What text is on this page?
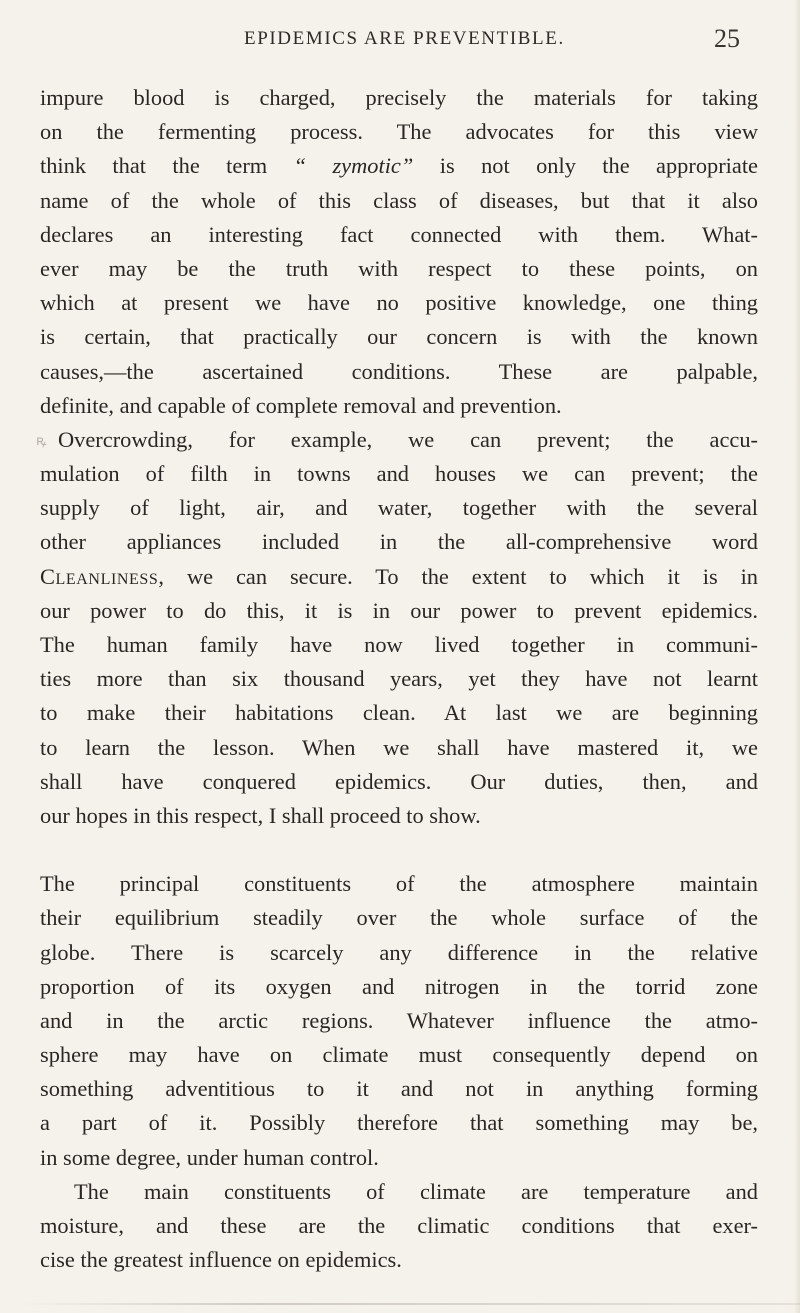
EPIDEMICS ARE PREVENTIBLE.	25
impure blood is charged, precisely the materials for taking
on the fermenting process. The advocates for this view
think that the term “ zymotic” is not only the appropriate
name of the whole of this class of diseases, but that it also
declares an interesting fact connected with them. What-
ever may be the truth with respect to these points, on
which at present we have no positive knowledge, one thing
is certain, that practically our concern is with the known
causes,—the ascertained conditions. These are palpable,
definite, and capable of complete removal and prevention.
ꝶ Overcrowding, for example, we can prevent; the accu-
mulation of filth in towns and houses we can prevent; the
supply of light, air, and water, together with the several
other appliances included in the all-comprehensive word
Cleanliness, we can secure. To the extent to which it is in
our power to do this, it is in our power to prevent epidemics.
The human family have now lived together in communi-
ties more than six thousand years, yet they have not learnt
to make their habitations clean. At last we are beginning
to learn the lesson. When we shall have mastered it, we
shall have conquered epidemics. Our duties, then, and
our hopes in this respect, I shall proceed to show.
The principal constituents of the atmosphere maintain
their equilibrium steadily over the whole surface of the
globe. There is scarcely any difference in the relative
proportion of its oxygen and nitrogen in the torrid zone
and in the arctic regions. Whatever influence the atmo-
sphere may have on climate must consequently depend on
something adventitious to it and not in anything forming
a part of it. Possibly therefore that something may be,
in some degree, under human control.
The main constituents of climate are temperature and
moisture, and these are the climatic conditions that exer-
cise the greatest influence on epidemics.
